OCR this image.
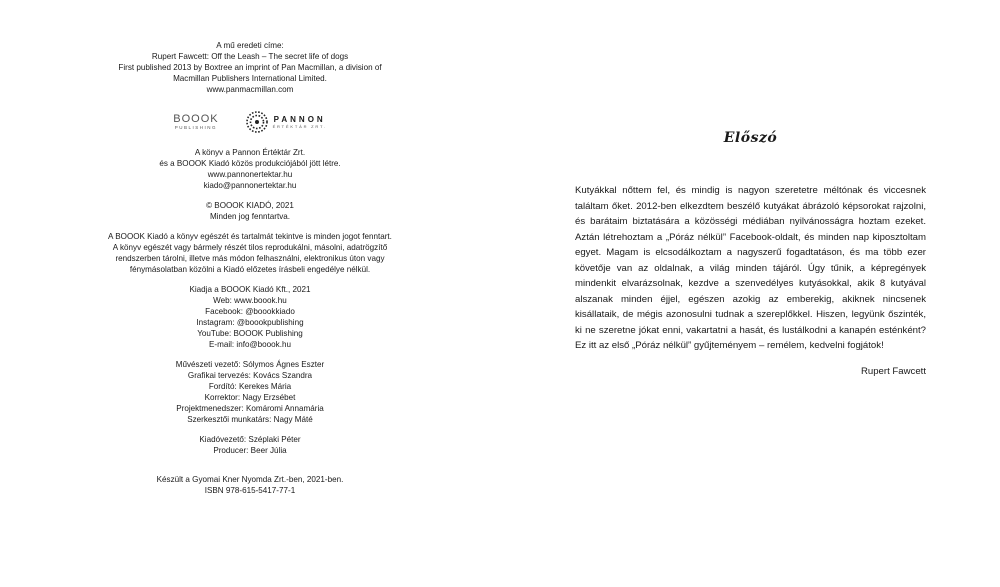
A mű eredeti címe:
Rupert Fawcett: Off the Leash – The secret life of dogs
First published 2013 by Boxtree an imprint of Pan Macmillan, a division of
Macmillan Publishers International Limited.
www.panmacmillan.com
BOOOK
PUBLISHING
PANNON
ÉRTÉKTÁR ZRT.
A könyv a Pannon Értéktár Zrt.
és a BOOOK Kiadó közös produkciójából jött létre.
www.pannonertektar.hu
kiado@pannonertektar.hu
© BOOOK KIADÓ, 2021
Minden jog fenntartva.
A BOOOK Kiadó a könyv egészét és tartalmát tekintve is minden jogot fenntart.
A könyv egészét vagy bármely részét tilos reprodukálni, másolni, adatrögzítő
rendszerben tárolni, illetve más módon felhasználni, elektronikus úton vagy
fénymásolatban közölni a Kiadó előzetes írásbeli engedélye nélkül.
Kiadja a BOOOK Kiadó Kft., 2021
Web: www.boook.hu
Facebook: @boookkiado
Instagram: @boookpublishing
YouTube: BOOOK Publishing
E-mail: info@boook.hu
Művészeti vezető: Sólymos Ágnes Eszter
Grafikai tervezés: Kovács Szandra
Fordító: Kerekes Mária
Korrektor: Nagy Erzsébet
Projektmenedszer: Komáromi Annamária
Szerkesztői munkatárs: Nagy Máté
Kiadóvezető: Széplaki Péter
Producer: Beer Júlia
Készült a Gyomai Kner Nyomda Zrt.-ben, 2021-ben.
ISBN 978-615-5417-77-1
Előszó

Kutyákkal nőttem fel, és mindig is nagyon szeretetre méltónak és viccesnek találtam őket. 2012-ben elkezdtem beszélő kutyákat ábrázoló képsorokat rajzolni, és barátaim biztatására a közösségi médiában nyilvánosságra hoztam ezeket. Aztán létrehoztam a „Póráz nélkül” Facebook-oldalt, és minden nap kiposztoltam egyet. Magam is elcsodálkoztam a nagyszerű fogadtatáson, és ma több ezer követője van az oldalnak, a világ minden tájáról. Úgy tűnik, a képregények mindenkit elvarázsolnak, kezdve a szenvedélyes kutyásokkal, akik 8 kutyával alszanak minden éjjel, egészen azokig az emberekig, akiknek nincsenek kisállataik, de mégis azonosulni tudnak a szereplőkkel. Hiszen, legyünk őszinték, ki ne szeretne jókat enni, vakartatni a hasát, és lustálkodni a kanapén esténként? Ez itt az első „Póráz nélkül” gyűjteményem – remélem, kedvelni fogjátok!

Rupert Fawcett
